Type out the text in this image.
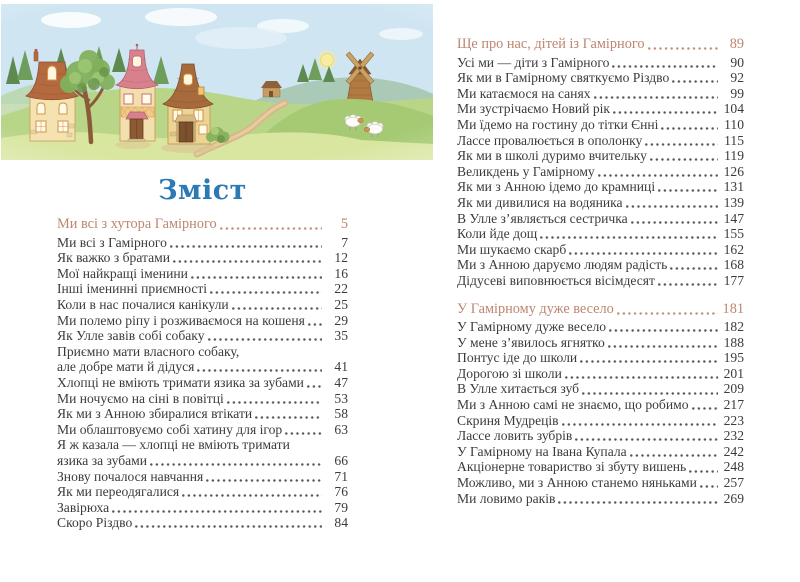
Зміст
Ми всі з хутора Гамірного	5
Ми всі з Гамірного	7
Як важко з братами	12
Мої найкращі іменини	16
Інші іменинні приємності	22
Коли в нас почалися канікули	25
Ми полемо ріпу і розживаємося на кошеня	29
Як Улле завів собі собаку	35
Приємно мати власного собаку,
але добре мати й дідуся	41
Хлопці не вміють тримати язика за зубами	47
Ми ночуємо на сіні в повітці	53
Як ми з Анною збиралися втікати	58
Ми облаштовуємо собі хатину для ігор	63
Я ж казала — хлопці не вміють тримати
язика за зубами	66
Знову почалося навчання	71
Як ми переодягалися	76
Завірюха	79
Скоро Різдво	84
Ще про нас, дітей із Гамірного	89
Усі ми — діти з Гамірного	90
Як ми в Гамірному святкуємо Різдво	92
Ми катаємося на санях	99
Ми зустрічаємо Новий рік	104
Ми їдемо на гостину до тітки Єнні	110
Лассе провалюється в ополонку	115
Як ми в школі дуримо вчительку	119
Великдень у Гамірному	126
Як ми з Анною ідемо до крамниці	131
Як ми дивилися на водяника	139
В Улле з’являється сестричка	147
Коли йде дощ	155
Ми шукаємо скарб	162
Ми з Анною даруємо людям радість	168
Дідусеві виповнюється вісімдесят	177
У Гамірному дуже весело	181
У Гамірному дуже весело	182
У мене з’явилось ягнятко	188
Понтус іде до школи	195
Дорогою зі школи	201
В Улле хитається зуб	209
Ми з Анною самі не знаємо, що робимо	217
Скриня Мудреців	223
Лассе ловить зубрів	232
У Гамірному на Івана Купала	242
Акціонерне товариство зі збуту вишень	248
Можливо, ми з Анною станемо няньками 257
Ми ловимо раків	269
